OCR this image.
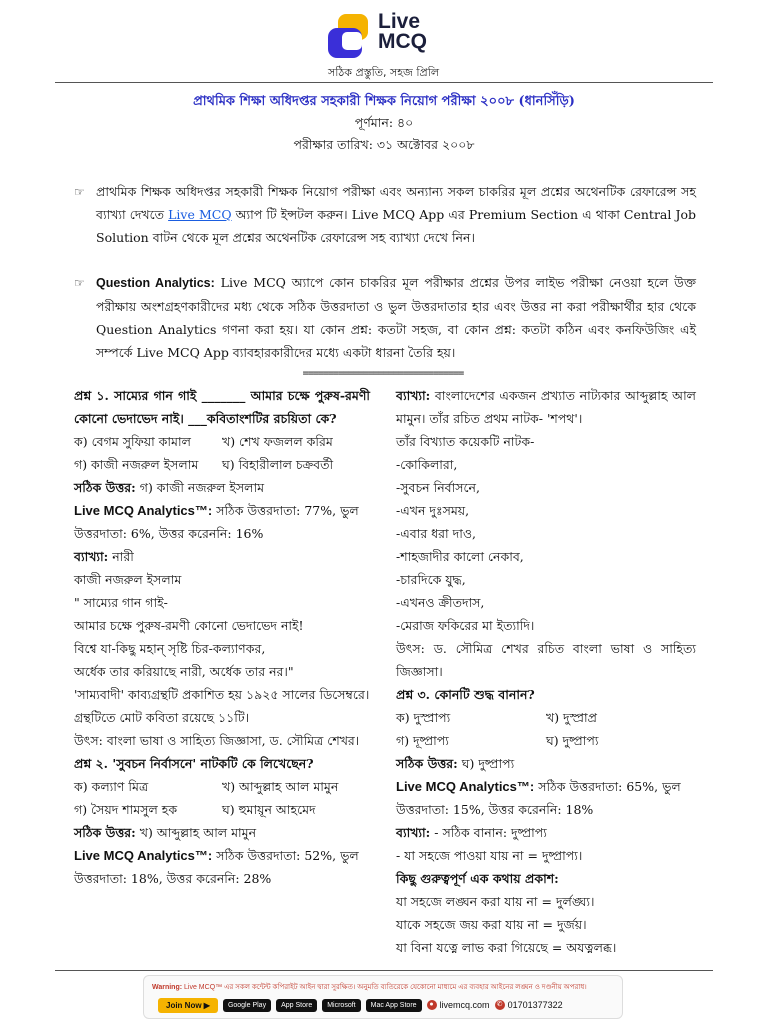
Live
MCQ
সঠিক প্রস্তুতি, সহজ প্রিলি
প্রাথমিক শিক্ষা অধিদপ্তর সহকারী শিক্ষক নিয়োগ পরীক্ষা ২০০৮ (ধানসিঁড়ি)
পূর্ণমান: ৪০
পরীক্ষার তারিখ: ৩১ অক্টোবর ২০০৮
☞ প্রাথমিক শিক্ষক অধিদপ্তর সহকারী শিক্ষক নিয়োগ পরীক্ষা এবং অন্যান্য সকল চাকরির মূল প্রশ্নের অথেনটিক রেফারেন্স সহ ব্যাখ্যা দেখতে Live MCQ অ্যাপ টি ইন্সটল করুন। Live MCQ App এর Premium Section এ থাকা Central Job Solution বাটন থেকে মূল প্রশ্নের অথেনটিক রেফারেন্স সহ ব্যাখ্যা দেখে নিন।
☞ Question Analytics: Live MCQ অ্যাপে কোন চাকরির মূল পরীক্ষার প্রশ্নের উপর লাইভ পরীক্ষা নেওয়া হলে উক্ত পরীক্ষায় অংশগ্রহণকারীদের মধ্য থেকে সঠিক উত্তরদাতা ও ভুল উত্তরদাতার হার এবং উত্তর না করা পরীক্ষার্থীর হার থেকে Question Analytics গণনা করা হয়। যা কোন প্রশ্ন: কতটা সহজ, বা কোন প্রশ্ন: কতটা কঠিন এবং কনফিউজিং এই সম্পর্কে Live MCQ App ব্যাবহারকারীদের মধ্যে একটা ধারনা তৈরি হয়।
================================
প্রশ্ন ১. সাম্যের গান গাই _______ আমার চক্ষে পুরুষ-রমণী কোনো ভেদাভেদ নাই। ___কবিতাংশটির রচয়িতা কে?
ক) বেগম সুফিয়া কামাল	খ) শেখ ফজলল করিম
গ) কাজী নজরুল ইসলাম	ঘ) বিহারীলাল চক্রবর্তী
সঠিক উত্তর: গ) কাজী নজরুল ইসলাম
Live MCQ Analytics™: সঠিক উত্তরদাতা: 77%, ভুল উত্তরদাতা: 6%, উত্তর করেননি: 16%
ব্যাখ্যা: নারী
কাজী নজরুল ইসলাম
" সাম্যের গান গাই-
আমার চক্ষে পুরুষ-রমণী কোনো ভেদাভেদ নাই!
বিশ্বে যা-কিছু মহান্ সৃষ্টি চির-কল্যাণকর,
অর্ধেক তার করিয়াছে নারী, অর্ধেক তার নর।"
'সাম্যবাদী' কাব্যগ্রন্থটি প্রকাশিত হয় ১৯২৫ সালের ডিসেম্বরে।
গ্রন্থটিতে মোট কবিতা রয়েছে ১১টি।
উৎস: বাংলা ভাষা ও সাহিত্য জিজ্ঞাসা, ড. সৌমিত্র শেখর।
প্রশ্ন ২. 'সুবচন নির্বাসনে' নাটকটি কে লিখেছেন?
ক) কল্যাণ মিত্র	খ) আব্দুল্লাহ আল মামুন
গ) সৈয়দ শামসুল হক	ঘ) হুমায়ূন আহমেদ
সঠিক উত্তর: খ) আব্দুল্লাহ আল মামুন
Live MCQ Analytics™: সঠিক উত্তরদাতা: 52%, ভুল উত্তরদাতা: 18%, উত্তর করেননি: 28%
ব্যাখ্যা: বাংলাদেশের একজন প্রখ্যাত নাট্যকার আব্দুল্লাহ আল মামুন। তাঁর রচিত প্রথম নাটক- 'শপথ'।
তাঁর বিখ্যাত কয়েকটি নাটক-
-কোকিলারা,
-সুবচন নির্বাসনে,
-এখন দুঃসময়,
-এবার ধরা দাও,
-শাহজাদীর কালো নেকাব,
-চারদিকে যুদ্ধ,
-এখনও ক্রীতদাস,
-মেরাজ ফকিরের মা ইত্যাদি।
উৎস: ড. সৌমিত্র শেখর রচিত বাংলা ভাষা ও সাহিত্য জিজ্ঞাসা।
প্রশ্ন ৩. কোনটি শুদ্ধ বানান?
ক) দুস্প্রাপ্য	খ) দুস্প্রাপ্ৰ
গ) দূষ্প্রাপ্য	ঘ) দুষ্প্রাপ্য
সঠিক উত্তর: ঘ) দুষ্প্রাপ্য
Live MCQ Analytics™: সঠিক উত্তরদাতা: 65%, ভুল উত্তরদাতা: 15%, উত্তর করেননি: 18%
ব্যাখ্যা: - সঠিক বানান: দুষ্প্রাপ্য
- যা সহজে পাওয়া যায় না = দুষ্প্রাপ্য।
কিছু গুরুত্বপূর্ণ এক কথায় প্রকাশ:
যা সহজে লঙ্ঘন করা যায় না = দুর্লঙ্ঘ্য।
যাকে সহজে জয় করা যায় না = দুর্জয়।
যা বিনা যত্নে লাভ করা গিয়েছে = অযত্নলব্ধ।
Warning: Live MCQ™ এর সকল কন্টেন্ট কপিরাইট আইন দ্বারা সুরক্ষিত। অনুমতি ব্যতিরেকে যেকোনো মাধ্যমে এর ব্যবহার আইনের লঙ্ঘন ও দণ্ডনীয় অপরাধ।
Join Now ▶	Google Play	App Store	Microsoft	Mac App Store	● livemcq.com ✆ 01701377322
